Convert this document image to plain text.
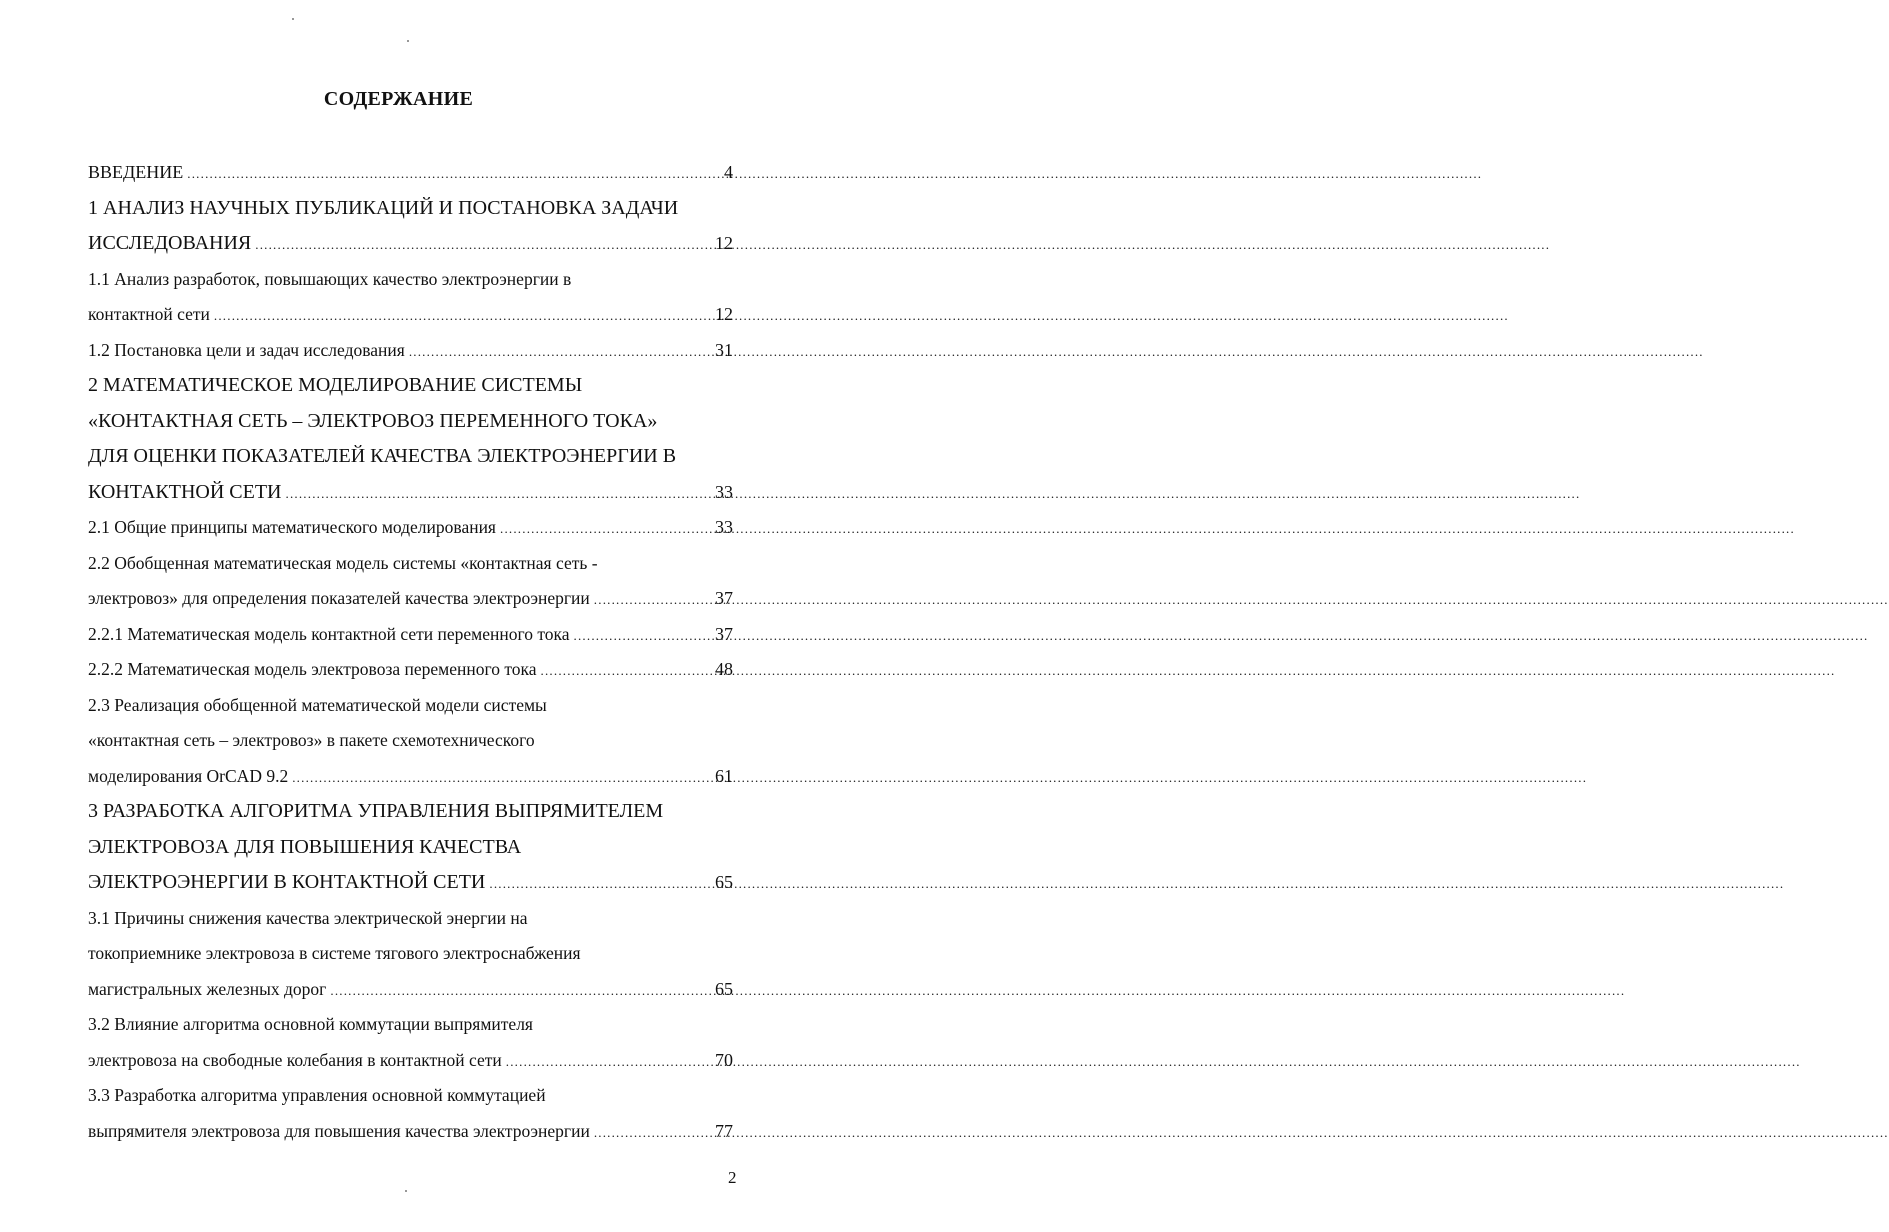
СОДЕРЖАНИЕ
ВВЕДЕНИЕ .....	4
1 АНАЛИЗ НАУЧНЫХ ПУБЛИКАЦИЙ И ПОСТАНОВКА ЗАДАЧИ
ИССЛЕДОВАНИЯ .....	12
1.1 Анализ разработок, повышающих качество электроэнергии в
контактной сети .....	12
1.2 Постановка цели и задач исследования .....	31
2 МАТЕМАТИЧЕСКОЕ МОДЕЛИРОВАНИЕ СИСТЕМЫ
«КОНТАКТНАЯ СЕТЬ – ЭЛЕКТРОВОЗ ПЕРЕМЕННОГО ТОКА»
ДЛЯ ОЦЕНКИ ПОКАЗАТЕЛЕЙ КАЧЕСТВА ЭЛЕКТРОЭНЕРГИИ В
КОНТАКТНОЙ СЕТИ .....	33
2.1 Общие принципы математического моделирования .....	33
2.2 Обобщенная математическая модель системы «контактная сеть -
электровоз» для определения показателей качества электроэнергии .....	37
2.2.1 Математическая модель контактной сети переменного тока .....	37
2.2.2 Математическая модель электровоза переменного тока .....	48
2.3 Реализация обобщенной математической модели системы
«контактная сеть – электровоз» в пакете схемотехнического
моделирования OrCAD 9.2 .....	61
3 РАЗРАБОТКА АЛГОРИТМА УПРАВЛЕНИЯ ВЫПРЯМИТЕЛЕМ
ЭЛЕКТРОВОЗА ДЛЯ ПОВЫШЕНИЯ КАЧЕСТВА
ЭЛЕКТРОЭНЕРГИИ В КОНТАКТНОЙ СЕТИ .....	65
3.1 Причины снижения качества электрической энергии на
токоприемнике электровоза в системе тягового электроснабжения
магистральных железных дорог .....	65
3.2 Влияние алгоритма основной коммутации выпрямителя
электровоза на свободные колебания в контактной сети .....	70
3.3 Разработка алгоритма управления основной коммутацией
выпрямителя электровоза для повышения качества электроэнергии .....	77
2
